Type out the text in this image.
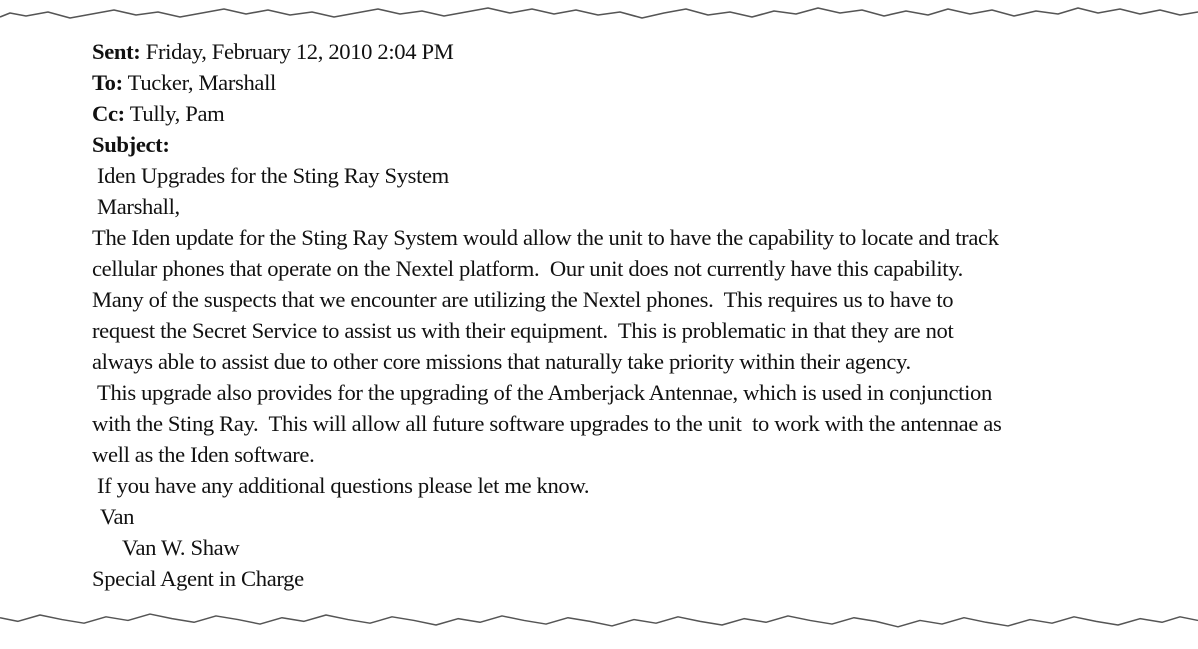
Sent: Friday, February 12, 2010 2:04 PM
To: Tucker, Marshall
Cc: Tully, Pam
Subject:
Iden Upgrades for the Sting Ray System
Marshall,
The Iden update for the Sting Ray System would allow the unit to have the capability to locate and track
cellular phones that operate on the Nextel platform.  Our unit does not currently have this capability.
Many of the suspects that we encounter are utilizing the Nextel phones.  This requires us to have to
request the Secret Service to assist us with their equipment.  This is problematic in that they are not
always able to assist due to other core missions that naturally take priority within their agency.
This upgrade also provides for the upgrading of the Amberjack Antennae, which is used in conjunction
with the Sting Ray.  This will allow all future software upgrades to the unit  to work with the antennae as
well as the Iden software.
If you have any additional questions please let me know.
Van
Van W. Shaw
Special Agent in Charge
